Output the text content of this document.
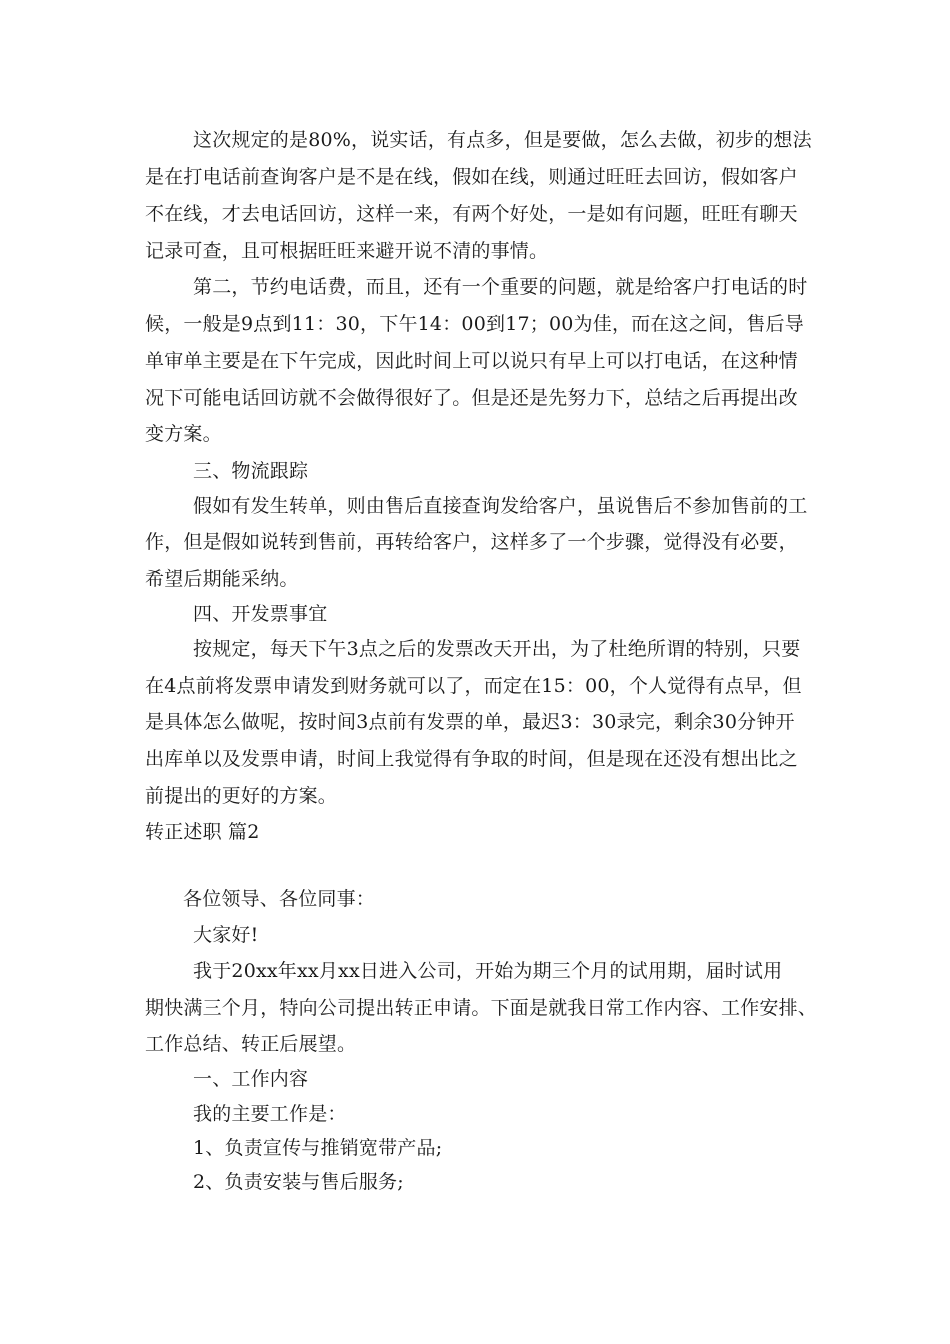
这次规定的是80%，说实话，有点多，但是要做，怎么去做，初步的想法
是在打电话前查询客户是不是在线，假如在线，则通过旺旺去回访，假如客户
不在线，才去电话回访，这样一来，有两个好处，一是如有问题，旺旺有聊天
记录可查，且可根据旺旺来避开说不清的事情。
第二，节约电话费，而且，还有一个重要的问题，就是给客户打电话的时
候，一般是9点到11：30，下午14：00到17；00为佳，而在这之间，售后导
单审单主要是在下午完成，因此时间上可以说只有早上可以打电话，在这种情
况下可能电话回访就不会做得很好了。但是还是先努力下，总结之后再提出改
变方案。
三、物流跟踪
假如有发生转单，则由售后直接查询发给客户，虽说售后不参加售前的工
作，但是假如说转到售前，再转给客户，这样多了一个步骤，觉得没有必要，
希望后期能采纳。
四、开发票事宜
按规定，每天下午3点之后的发票改天开出，为了杜绝所谓的特别，只要
在4点前将发票申请发到财务就可以了，而定在15：00，个人觉得有点早，但
是具体怎么做呢，按时间3点前有发票的单，最迟3：30录完，剩余30分钟开
出库单以及发票申请，时间上我觉得有争取的时间，但是现在还没有想出比之
前提出的更好的方案。
转正述职 篇2
各位领导、各位同事：
大家好!
我于20xx年xx月xx日进入公司，开始为期三个月的试用期，届时试用
期快满三个月，特向公司提出转正申请。下面是就我日常工作内容、工作安排、
工作总结、转正后展望。
一、工作内容
我的主要工作是：
1、负责宣传与推销宽带产品;
2、负责安装与售后服务;
